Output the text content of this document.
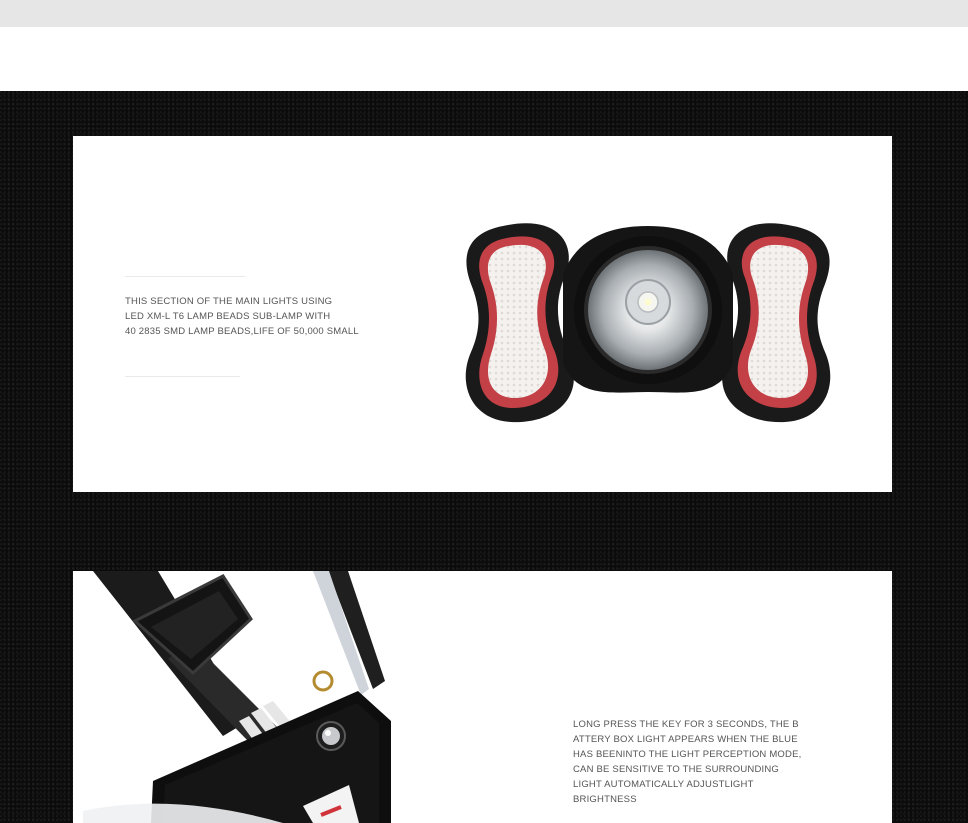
THIS SECTION OF THE MAIN LIGHTS USING
LED XM-L T6 LAMP BEADS SUB-LAMP WITH
40 2835 SMD LAMP BEADS,LIFE OF 50,000 SMALL

LONG PRESS THE KEY FOR 3 SECONDS, THE B
ATTERY BOX LIGHT APPEARS WHEN THE BLUE
HAS BEENINTO THE LIGHT PERCEPTION MODE,
CAN BE SENSITIVE TO THE SURROUNDING
LIGHT AUTOMATICALLY ADJUSTLIGHT
BRIGHTNESS
